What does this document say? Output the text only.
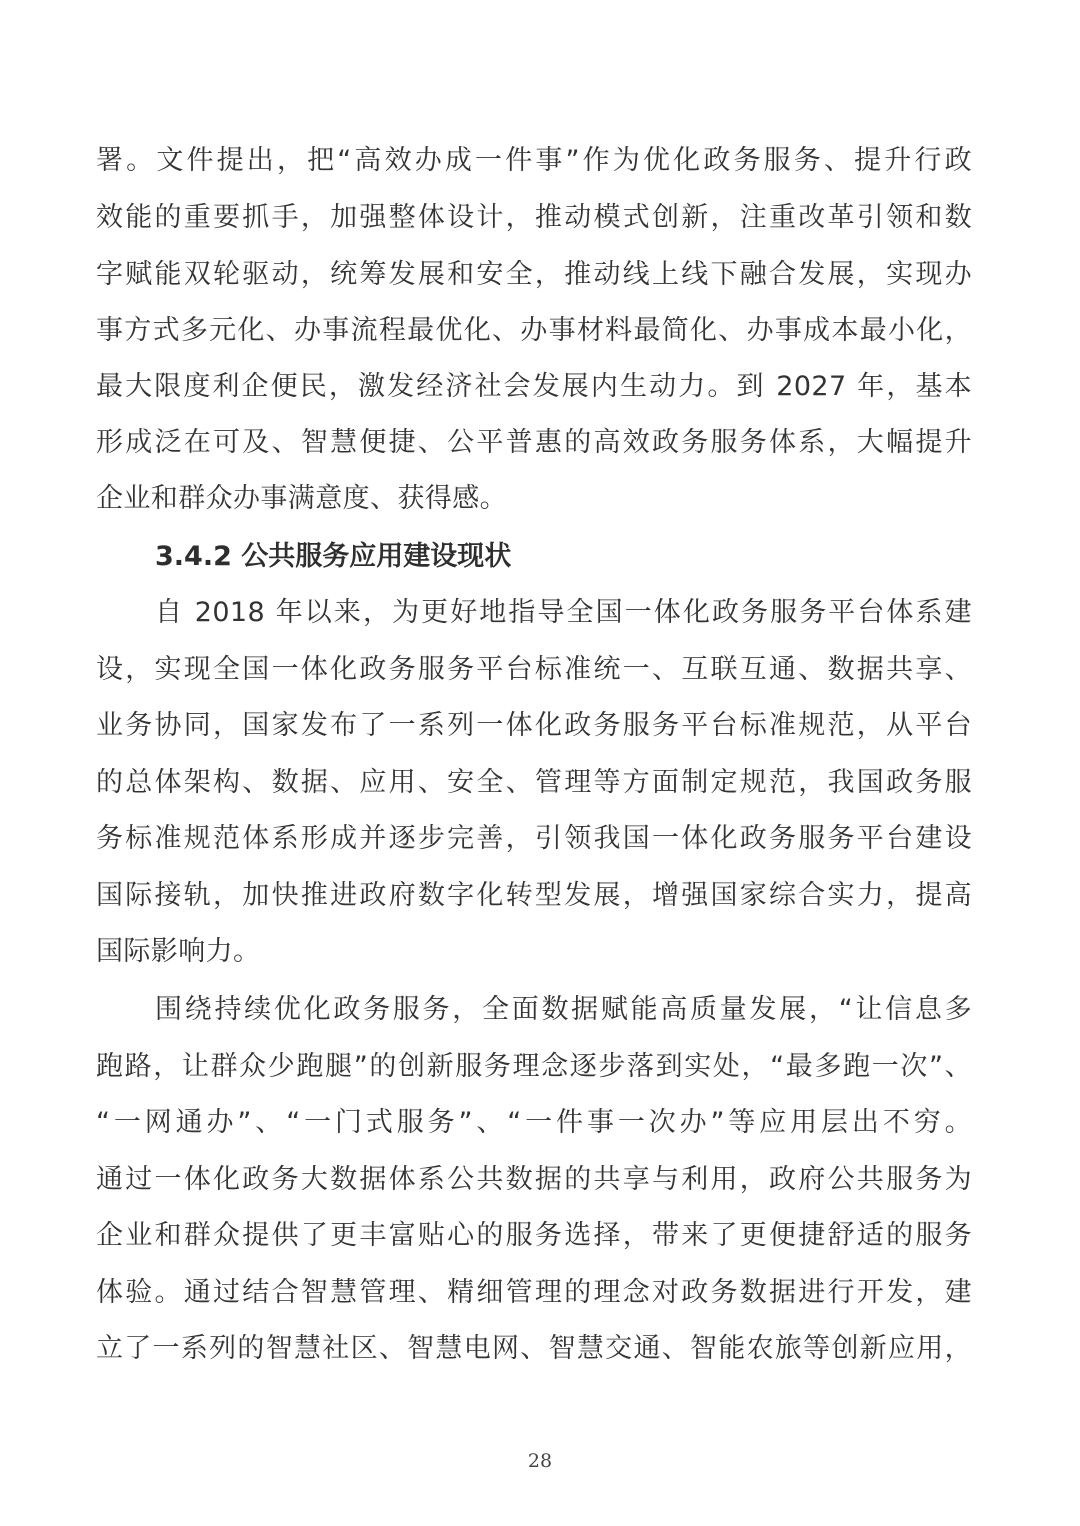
署。文件提出，把“高效办成一件事”作为优化政务服务、提升行政
效能的重要抓手，加强整体设计，推动模式创新，注重改革引领和数
字赋能双轮驱动，统筹发展和安全，推动线上线下融合发展，实现办
事方式多元化、办事流程最优化、办事材料最简化、办事成本最小化，
最大限度利企便民，激发经济社会发展内生动力。到 2027 年，基本
形成泛在可及、智慧便捷、公平普惠的高效政务服务体系，大幅提升
企业和群众办事满意度、获得感。
3.4.2 公共服务应用建设现状
自 2018 年以来，为更好地指导全国一体化政务服务平台体系建
设，实现全国一体化政务服务平台标准统一、互联互通、数据共享、
业务协同，国家发布了一系列一体化政务服务平台标准规范，从平台
的总体架构、数据、应用、安全、管理等方面制定规范，我国政务服
务标准规范体系形成并逐步完善，引领我国一体化政务服务平台建设
国际接轨，加快推进政府数字化转型发展，增强国家综合实力，提高
国际影响力。
围绕持续优化政务服务，全面数据赋能高质量发展，“让信息多
跑路，让群众少跑腿”的创新服务理念逐步落到实处，“最多跑一次”、
“一网通办”、“一门式服务”、“一件事一次办”等应用层出不穷。
通过一体化政务大数据体系公共数据的共享与利用，政府公共服务为
企业和群众提供了更丰富贴心的服务选择，带来了更便捷舒适的服务
体验。通过结合智慧管理、精细管理的理念对政务数据进行开发，建
立了一系列的智慧社区、智慧电网、智慧交通、智能农旅等创新应用，
28
